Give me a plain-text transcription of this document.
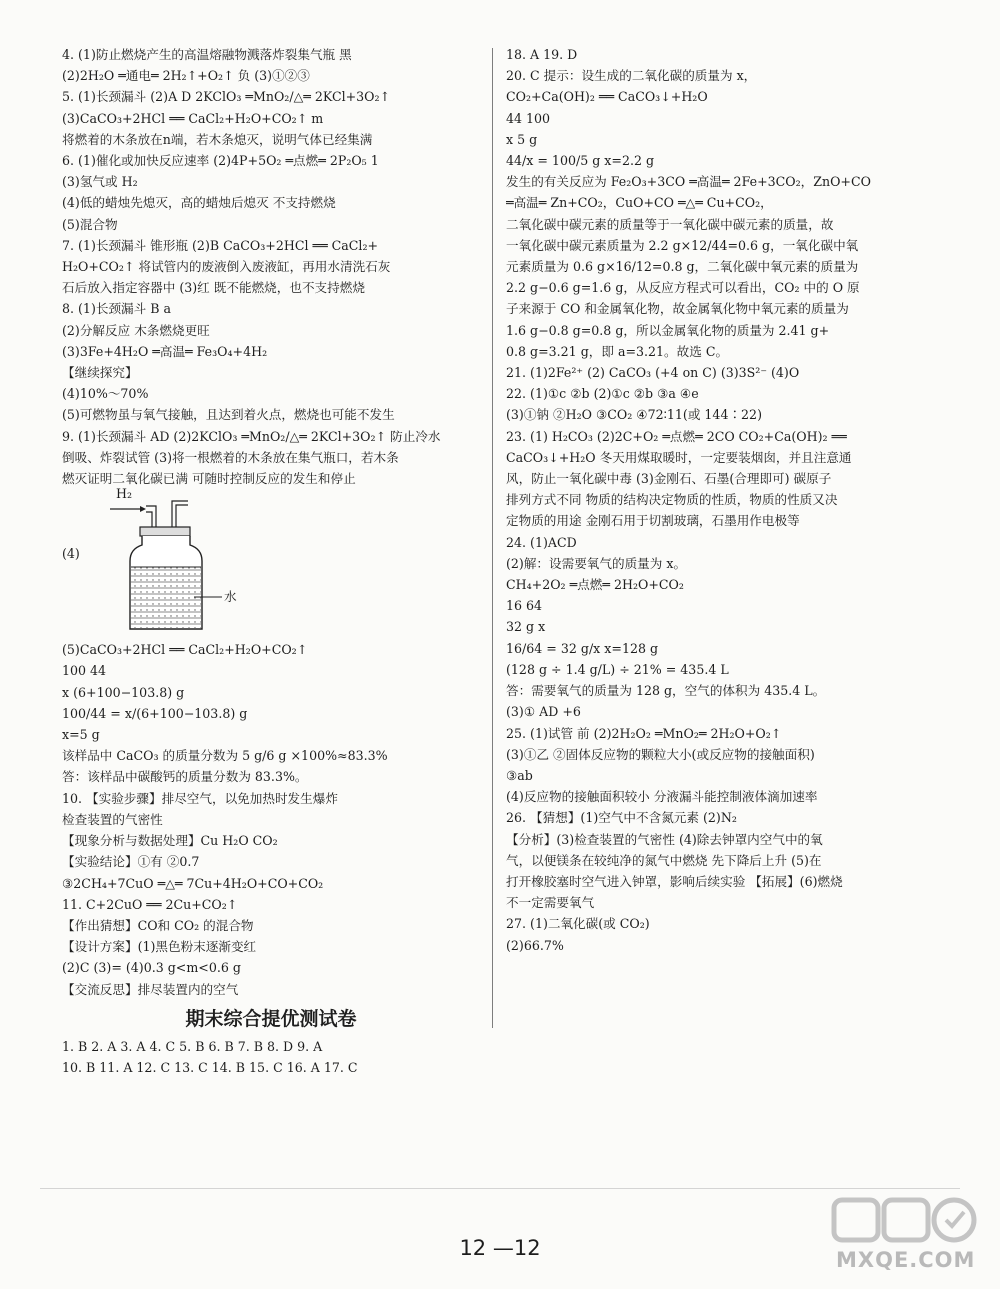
4. (1)防止燃烧产生的高温熔融物溅落炸裂集气瓶 黑
(2)2H₂O ═通电═ 2H₂↑+O₂↑ 负 (3)①②③
5. (1)长颈漏斗 (2)A D 2KClO₃ ═MnO₂/△═ 2KCl+3O₂↑
(3)CaCO₃+2HCl ══ CaCl₂+H₂O+CO₂↑ m
将燃着的木条放在n端，若木条熄灭，说明气体已经集满
6. (1)催化或加快反应速率 (2)4P+5O₂ ═点燃═ 2P₂O₅ 1
(3)氢气或 H₂
(4)低的蜡烛先熄灭，高的蜡烛后熄灭 不支持燃烧
(5)混合物
7. (1)长颈漏斗 锥形瓶 (2)B CaCO₃+2HCl ══ CaCl₂+
H₂O+CO₂↑ 将试管内的废液倒入废液缸，再用水清洗石灰
石后放入指定容器中 (3)红 既不能燃烧，也不支持燃烧
8. (1)长颈漏斗 B a
(2)分解反应 木条燃烧更旺
(3)3Fe+4H₂O ═高温═ Fe₃O₄+4H₂
【继续探究】
(4)10%～70%
(5)可燃物虽与氧气接触，且达到着火点，燃烧也可能不发生
9. (1)长颈漏斗 AD (2)2KClO₃ ═MnO₂/△═ 2KCl+3O₂↑ 防止冷水
倒吸、炸裂试管 (3)将一根燃着的木条放在集气瓶口，若木条
燃灭证明二氧化碳已满 可随时控制反应的发生和停止
H₂
(4)
水
(5)CaCO₃+2HCl ══ CaCl₂+H₂O+CO₂↑
100 44
x (6+100−103.8) g
100/44 = x/(6+100−103.8) g
x=5 g
该样品中 CaCO₃ 的质量分数为 5 g/6 g ×100%≈83.3%
答：该样品中碳酸钙的质量分数为 83.3%。
10. 【实验步骤】排尽空气，以免加热时发生爆炸
检查装置的气密性
【现象分析与数据处理】Cu H₂O CO₂
【实验结论】①有 ②0.7
③2CH₄+7CuO ═△═ 7Cu+4H₂O+CO+CO₂
11. C+2CuO ══ 2Cu+CO₂↑
【作出猜想】CO和 CO₂ 的混合物
【设计方案】(1)黑色粉末逐渐变红
(2)C (3)= (4)0.3 g<m<0.6 g
【交流反思】排尽装置内的空气
期末综合提优测试卷
1. B 2. A 3. A 4. C 5. B 6. B 7. B 8. D 9. A
10. B 11. A 12. C 13. C 14. B 15. C 16. A 17. C
18. A 19. D
20. C 提示：设生成的二氧化碳的质量为 x，
CO₂+Ca(OH)₂ ══ CaCO₃↓+H₂O
44 100
x 5 g
44/x = 100/5 g x=2.2 g
发生的有关反应为 Fe₂O₃+3CO ═高温═ 2Fe+3CO₂，ZnO+CO
═高温═ Zn+CO₂，CuO+CO ═△═ Cu+CO₂，
二氧化碳中碳元素的质量等于一氧化碳中碳元素的质量，故
一氧化碳中碳元素质量为 2.2 g×12/44=0.6 g，一氧化碳中氧
元素质量为 0.6 g×16/12=0.8 g，二氧化碳中氧元素的质量为
2.2 g−0.6 g=1.6 g，从反应方程式可以看出，CO₂ 中的 O 原
子来源于 CO 和金属氧化物，故金属氧化物中氧元素的质量为
1.6 g−0.8 g=0.8 g，所以金属氧化物的质量为 2.41 g+
0.8 g=3.21 g，即 a=3.21。故选 C。
21. (1)2Fe²⁺ (2) CaCO₃ (+4 on C) (3)3S²⁻ (4)O
22. (1)①c ②b (2)①c ②b ③a ④e
(3)①钠 ②H₂O ③CO₂ ④72∶11(或 144∶22)
23. (1) H₂CO₃ (2)2C+O₂ ═点燃═ 2CO CO₂+Ca(OH)₂ ══
CaCO₃↓+H₂O 冬天用煤取暖时，一定要装烟囱，并且注意通
风，防止一氧化碳中毒 (3)金刚石、石墨(合理即可) 碳原子
排列方式不同 物质的结构决定物质的性质，物质的性质又决
定物质的用途 金刚石用于切割玻璃，石墨用作电极等
24. (1)ACD
(2)解：设需要氧气的质量为 x。
CH₄+2O₂ ═点燃═ 2H₂O+CO₂
16 64
32 g x
16/64 = 32 g/x x=128 g
(128 g ÷ 1.4 g/L) ÷ 21% = 435.4 L
答：需要氧气的质量为 128 g，空气的体积为 435.4 L。
(3)① AD +6
25. (1)试管 前 (2)2H₂O₂ ═MnO₂═ 2H₂O+O₂↑
(3)①乙 ②固体反应物的颗粒大小(或反应物的接触面积)
③ab
(4)反应物的接触面积较小 分液漏斗能控制液体滴加速率
26. 【猜想】(1)空气中不含氮元素 (2)N₂
【分析】(3)检查装置的气密性 (4)除去钟罩内空气中的氧
气，以便镁条在较纯净的氮气中燃烧 先下降后上升 (5)在
打开橡胶塞时空气进入钟罩，影响后续实验 【拓展】(6)燃烧
不一定需要氧气
27. (1)二氧化碳(或 CO₂)
(2)66.7%
12 —12	MXQE.COM
